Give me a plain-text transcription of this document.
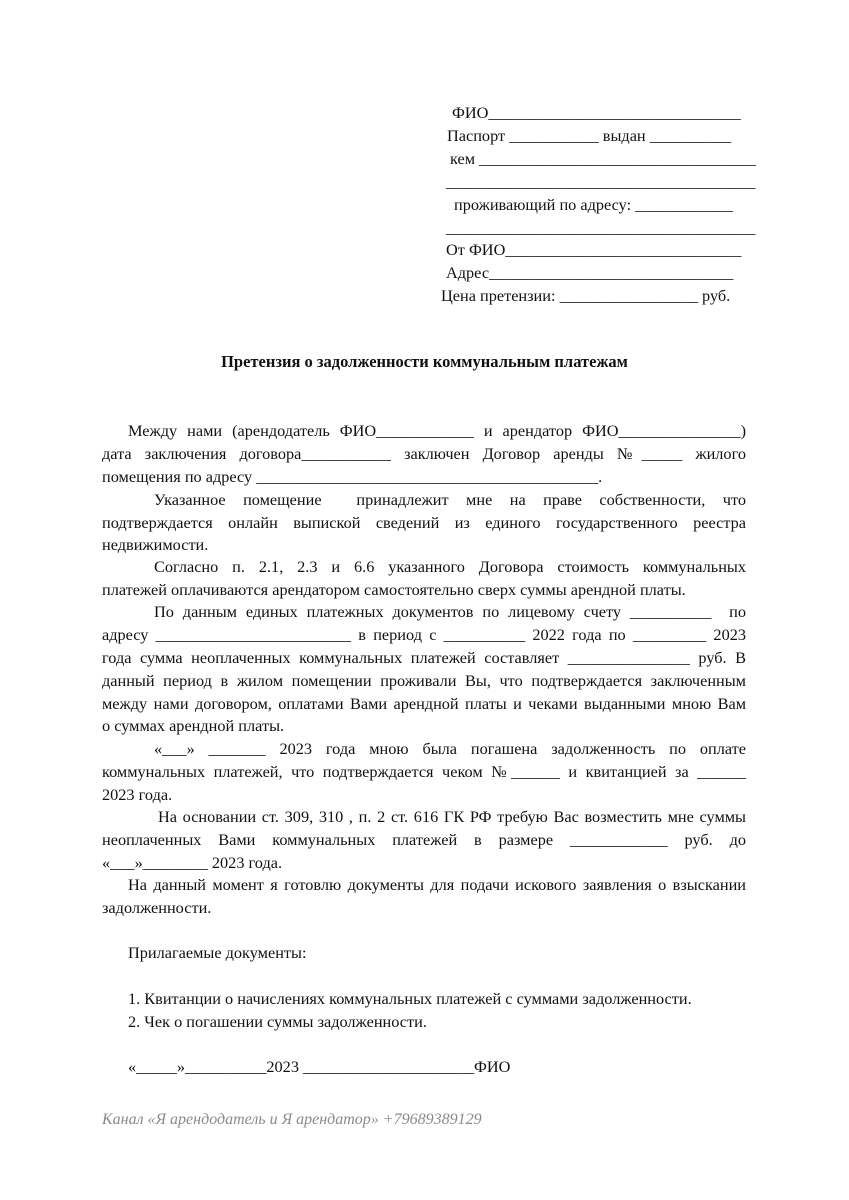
ФИО_______________________________
Паспорт ___________ выдан __________
кем __________________________________
______________________________________
проживающий по адресу: ____________
______________________________________
От ФИО_____________________________
Адрес______________________________
Цена претензии: _________________ руб.
Претензия о задолженности коммунальным платежам
Между нами (арендодатель ФИО____________ и арендатор ФИО_______________)
дата заключения договора___________ заключен Договор аренды №_____ жилого
помещения по адресу __________________________________________.
Указанное помещение  принадлежит мне на праве собственности, что
подтверждается онлайн выпиской сведений из единого государственного реестра
недвижимости.
Согласно п. 2.1, 2.3 и 6.6 указанного Договора стоимость коммунальных
платежей оплачиваются арендатором самостоятельно сверх суммы арендной платы.
По данным единых платежных документов по лицевому счету __________  по
адресу ________________________ в период с __________ 2022 года по _________ 2023
года сумма неоплаченных коммунальных платежей составляет _______________ руб. В
данный период в жилом помещении проживали Вы, что подтверждается заключенным
между нами договором, оплатами Вами арендной платы и чеками выданными мною Вам
о суммах арендной платы.
«___» _______ 2023 года мною была погашена задолженность по оплате
коммунальных платежей, что подтверждается чеком №______ и квитанцией за ______
2023 года.
На основании ст. 309, 310 , п. 2 ст. 616 ГК РФ требую Вас возместить мне суммы
неоплаченных Вами коммунальных платежей в размере ____________ руб. до
«___»________ 2023 года.
На данный момент я готовлю документы для подачи искового заявления о взыскании
задолженности.
Прилагаемые документы:
1. Квитанции о начислениях коммунальных платежей с суммами задолженности.
2. Чек о погашении суммы задолженности.
«_____»__________2023 _____________________ФИО
Канал «Я арендодатель и Я арендатор» +79689389129
